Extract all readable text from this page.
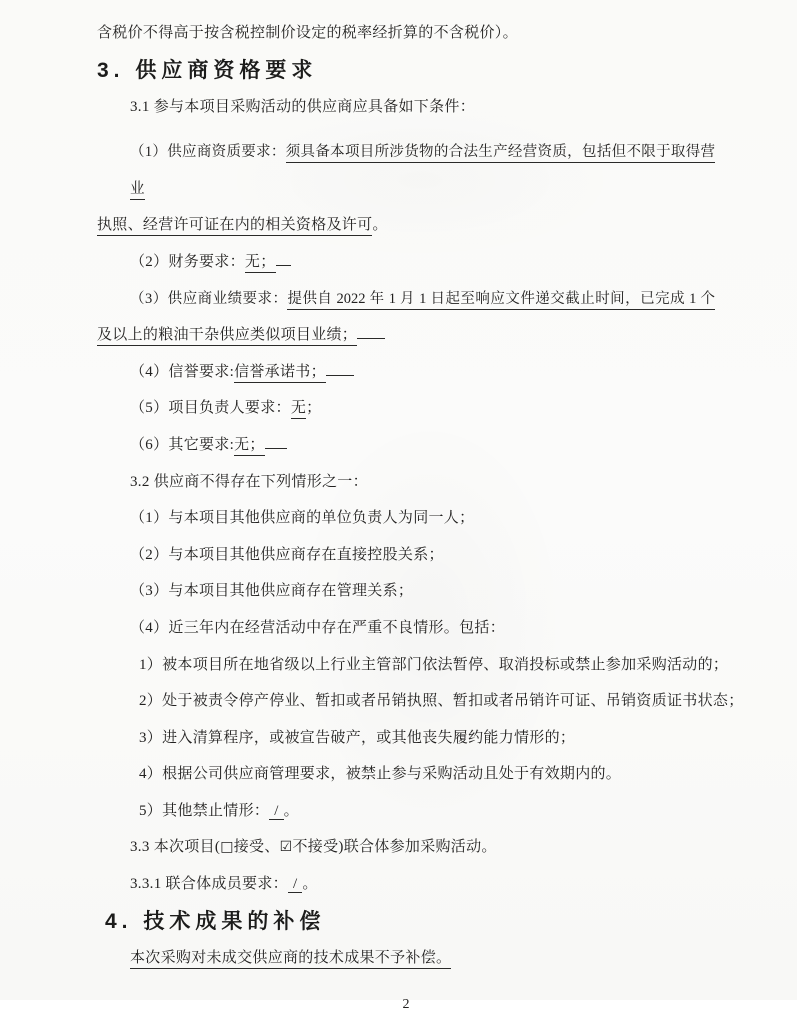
含税价不得高于按含税控制价设定的税率经折算的不含税价）。

3. 供应商资格要求

3.1 参与本项目采购活动的供应商应具备如下条件：

（1）供应商资质要求：须具备本项目所涉货物的合法生产经营资质，包括但不限于取得营业

执照、经营许可证在内的相关资格及许可。

（2）财务要求：无；

（3）供应商业绩要求：提供自 2022 年 1 月 1 日起至响应文件递交截止时间，已完成 1 个

及以上的粮油干杂供应类似项目业绩；

（4）信誉要求:信誉承诺书；

（5）项目负责人要求：无；

（6）其它要求:无；

3.2 供应商不得存在下列情形之一：

（1）与本项目其他供应商的单位负责人为同一人；

（2）与本项目其他供应商存在直接控股关系；

（3）与本项目其他供应商存在管理关系；

（4）近三年内在经营活动中存在严重不良情形。包括：

1）被本项目所在地省级以上行业主管部门依法暂停、取消投标或禁止参加采购活动的；

2）处于被责令停产停业、暂扣或者吊销执照、暂扣或者吊销许可证、吊销资质证书状态；

3）进入清算程序，或被宣告破产，或其他丧失履约能力情形的；

4）根据公司供应商管理要求，被禁止参与采购活动且处于有效期内的。

5）其他禁止情形： / 。

3.3 本次项目(□接受、☑不接受)联合体参加采购活动。

3.3.1 联合体成员要求： / 。

4. 技术成果的补偿

本次采购对未成交供应商的技术成果不予补偿。

2
